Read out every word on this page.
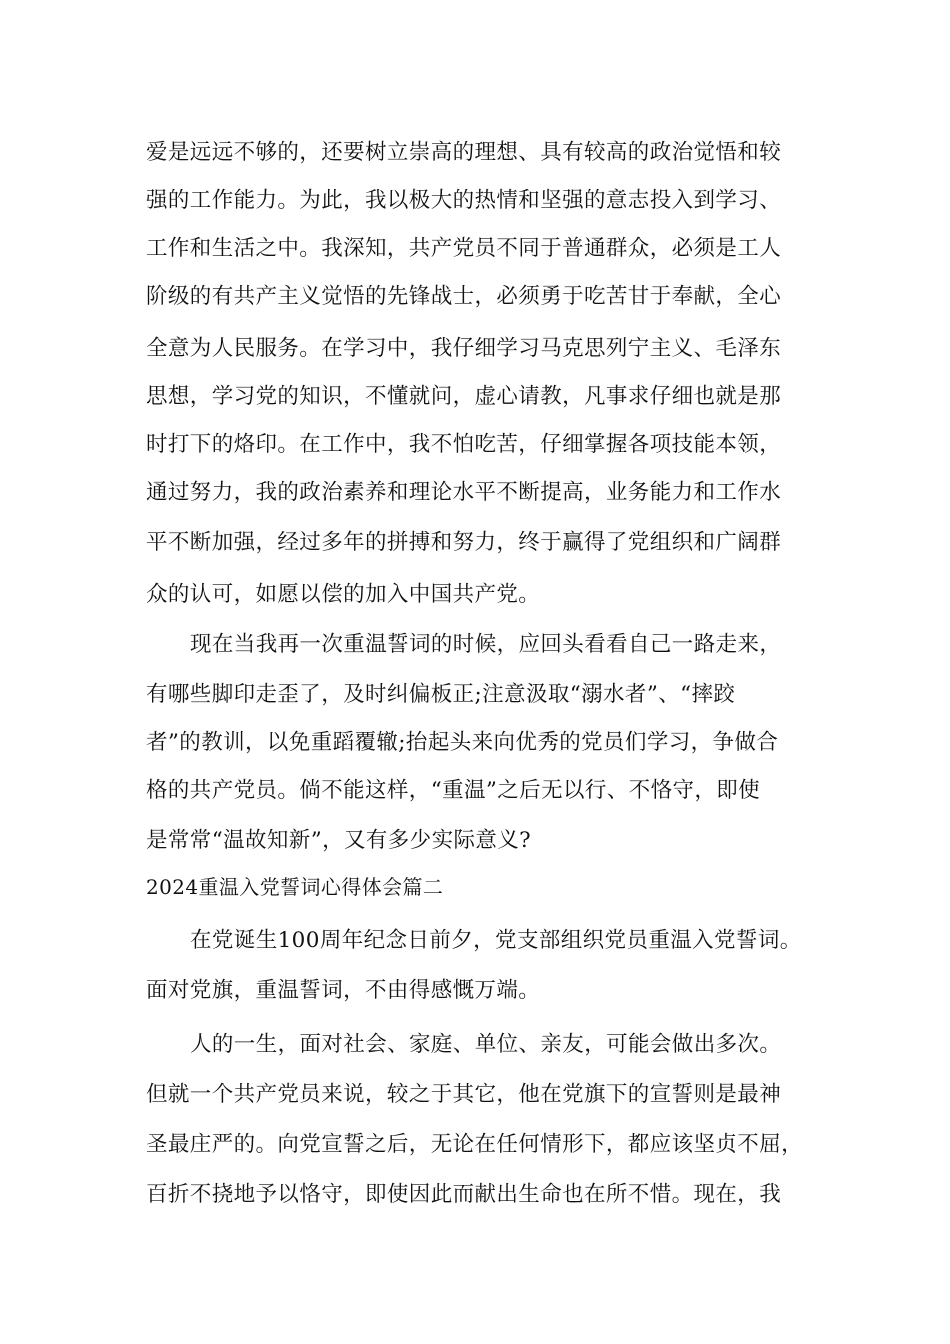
爱是远远不够的，还要树立崇高的理想、具有较高的政治觉悟和较
强的工作能力。为此，我以极大的热情和坚强的意志投入到学习、
工作和生活之中。我深知，共产党员不同于普通群众，必须是工人
阶级的有共产主义觉悟的先锋战士，必须勇于吃苦甘于奉献，全心
全意为人民服务。在学习中，我仔细学习马克思列宁主义、毛泽东
思想，学习党的知识，不懂就问，虚心请教，凡事求仔细也就是那
时打下的烙印。在工作中，我不怕吃苦，仔细掌握各项技能本领，
通过努力，我的政治素养和理论水平不断提高，业务能力和工作水
平不断加强，经过多年的拼搏和努力，终于赢得了党组织和广阔群
众的认可，如愿以偿的加入中国共产党。
现在当我再一次重温誓词的时候，应回头看看自己一路走来，
有哪些脚印走歪了，及时纠偏板正;注意汲取“溺水者”、“摔跤
者”的教训，以免重蹈覆辙;抬起头来向优秀的党员们学习，争做合
格的共产党员。倘不能这样，“重温”之后无以行、不恪守，即使
是常常“温故知新”，又有多少实际意义?
2024重温入党誓词心得体会篇二
在党诞生100周年纪念日前夕，党支部组织党员重温入党誓词。
面对党旗，重温誓词，不由得感慨万端。
人的一生，面对社会、家庭、单位、亲友，可能会做出多次。
但就一个共产党员来说，较之于其它，他在党旗下的宣誓则是最神
圣最庄严的。向党宣誓之后，无论在任何情形下，都应该坚贞不屈，
百折不挠地予以恪守，即使因此而献出生命也在所不惜。现在，我
